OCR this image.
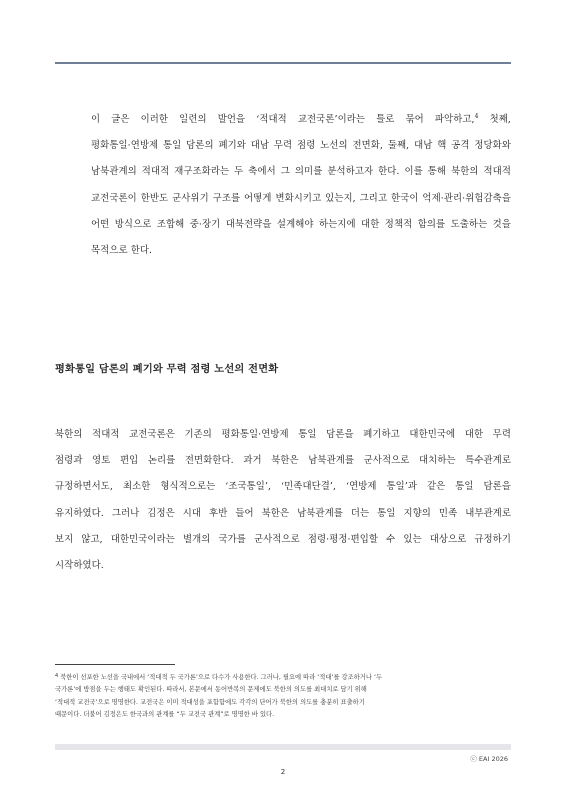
이 글은 이러한 일련의 발언을 ‘적대적 교전국론’이라는 틀로 묶어 파악하고,$^4$ 첫째,
평화통일·연방제 통일 담론의 폐기와 대남 무력 점령 노선의 전면화, 둘째, 대남 핵 공격 정당화와
남북관계의 적대적 재구조화라는 두 축에서 그 의미를 분석하고자 한다. 이를 통해 북한의 적대적
교전국론이 한반도 군사위기 구조를 어떻게 변화시키고 있는지, 그리고 한국이 억제·관리·위험감축을
어떤 방식으로 조합해 중·장기 대북전략을 설계해야 하는지에 대한 정책적 함의를 도출하는 것을
목적으로 한다.

평화통일 담론의 폐기와 무력 점령 노선의 전면화

북한의 적대적 교전국론은 기존의 평화통일·연방제 통일 담론을 폐기하고 대한민국에 대한 무력
점령과 영토 편입 논리를 전면화한다. 과거 북한은 남북관계를 군사적으로 대치하는 특수관계로
규정하면서도, 최소한 형식적으로는 ‘조국통일’, ‘민족대단결’, ‘연방제 통일’과 같은 통일 담론을
유지하였다. 그러나 김정은 시대 후반 들어 북한은 남북관계를 더는 통일 지향의 민족 내부관계로
보지 않고, 대한민국이라는 별개의 국가를 군사적으로 점령·평정·편입할 수 있는 대상으로 규정하기
시작하였다.

$^4$ 북한이 선포한 노선을 국내에서 ‘적대적 두 국가론’으로 다수가 사용한다. 그러나, 필요에 따라 ‘적대’를 강조하거나 ‘두
국가론’에 방점을 두는 행태도 확인된다. 따라서, 본문에서 동어반복의 문제에도 북한의 의도를 최대치로 담기 위해
‘적대적 교전국’으로 명명한다. 교전국은 이미 적대성을 포함함에도 각각의 단어가 북한의 의도를 충분히 표출하기
때문이다. 더불어 김정은도 한국과의 관계를 “두 교전국 관계”로 명명한 바 있다.
ⓒ EAI 2026
2
